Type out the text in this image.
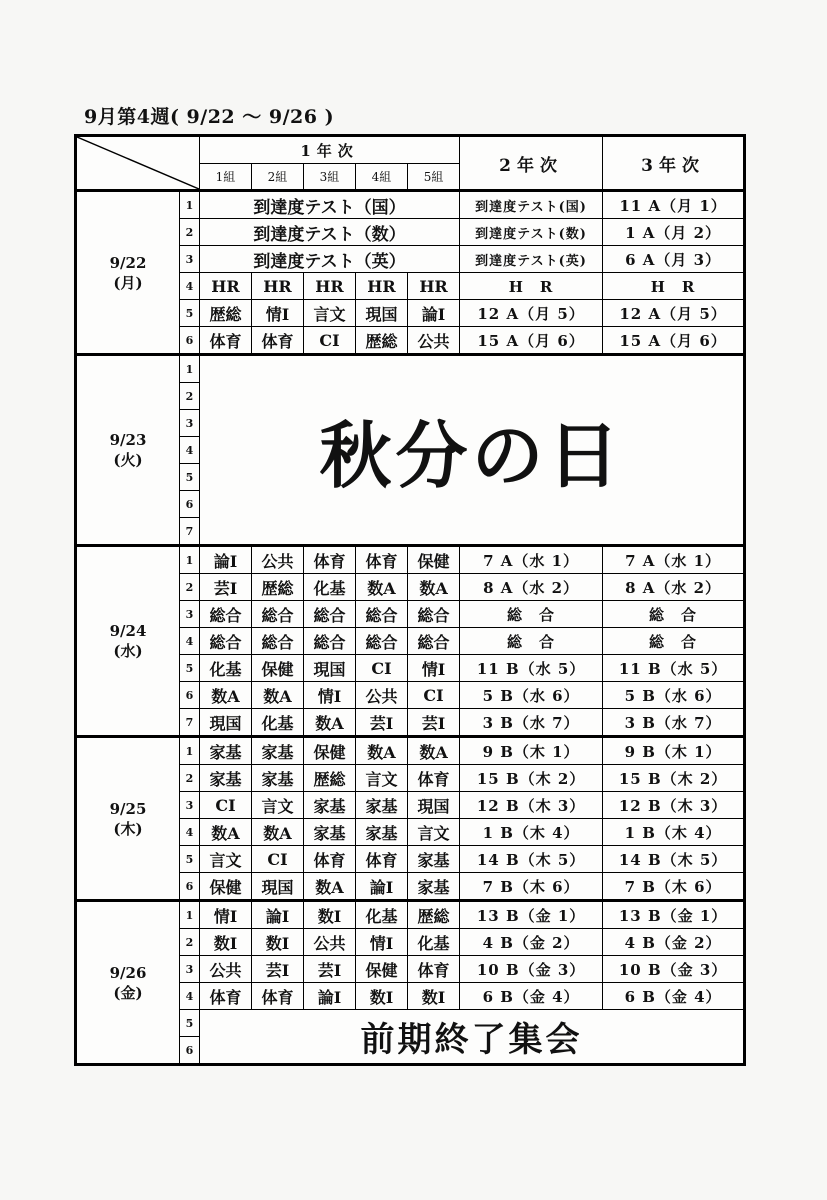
9月第4週( 9/22 〜 9/26 )
	1年次					2年次	3年次
		1組	2組	3組	4組	5組		

9/22
(月)	1	到達度テスト（国）					到達度テスト(国)	11 A（月 1）
	2	到達度テスト（数）					到達度テスト(数)	1 A（月 2）
	3	到達度テスト（英）					到達度テスト(英)	6 A（月 3）
	4	HR	HR	HR	HR	HR	H　R	H　R
	5	歴総	情Ⅰ	言文	現国	論Ⅰ	12 A（月 5）	12 A（月 5）
	6	体育	体育	CⅠ	歴総	公共	15 A（月 6）	15 A（月 6）

9/23
(火)	1	秋分の日						
	2							
	3							
	4							
	5							
	6							
	7							

9/24
(水)	1	論Ⅰ	公共	体育	体育	保健	7 A（水 1）	7 A（水 1）
	2	芸Ⅰ	歴総	化基	数A	数A	8 A（水 2）	8 A（水 2）
	3	総合	総合	総合	総合	総合	総　合	総　合
	4	総合	総合	総合	総合	総合	総　合	総　合
	5	化基	保健	現国	CⅠ	情Ⅰ	11 B（水 5）	11 B（水 5）
	6	数A	数A	情Ⅰ	公共	CⅠ	5 B（水 6）	5 B（水 6）
	7	現国	化基	数A	芸Ⅰ	芸Ⅰ	3 B（水 7）	3 B（水 7）

9/25
(木)	1	家基	家基	保健	数A	数A	9 B（木 1）	9 B（木 1）
	2	家基	家基	歴総	言文	体育	15 B（木 2）	15 B（木 2）
	3	CⅠ	言文	家基	家基	現国	12 B（木 3）	12 B（木 3）
	4	数A	数A	家基	家基	言文	1 B（木 4）	1 B（木 4）
	5	言文	CⅠ	体育	体育	家基	14 B（木 5）	14 B（木 5）
	6	保健	現国	数A	論Ⅰ	家基	7 B（木 6）	7 B（木 6）

9/26
(金)	1	情Ⅰ	論Ⅰ	数Ⅰ	化基	歴総	13 B（金 1）	13 B（金 1）
	2	数Ⅰ	数Ⅰ	公共	情Ⅰ	化基	4 B（金 2）	4 B（金 2）
	3	公共	芸Ⅰ	芸Ⅰ	保健	体育	10 B（金 3）	10 B（金 3）
	4	体育	体育	論Ⅰ	数Ⅰ	数Ⅰ	6 B（金 4）	6 B（金 4）
	5	前期終了集会						
	6							
